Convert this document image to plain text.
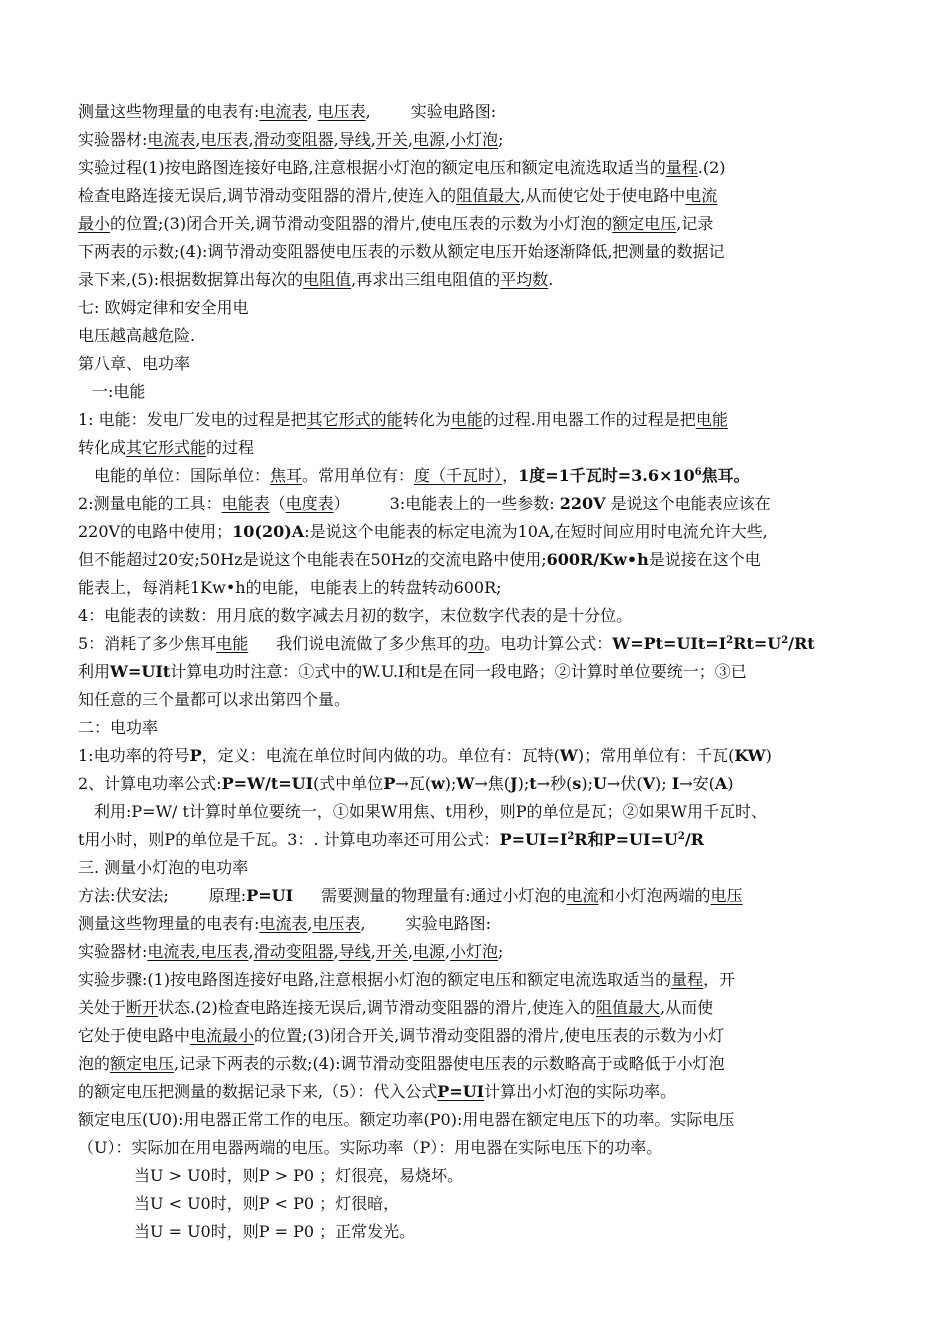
测量这些物理量的电表有:电流表, 电压表,	实验电路图:
实验器材:电流表,电压表,滑动变阻器,导线,开关,电源,小灯泡;
实验过程(1)按电路图连接好电路,注意根据小灯泡的额定电压和额定电流选取适当的量程.(2)
检查电路连接无误后,调节滑动变阻器的滑片,使连入的阻值最大,从而使它处于使电路中电流
最小的位置;(3)闭合开关,调节滑动变阻器的滑片,使电压表的示数为小灯泡的额定电压,记录
下两表的示数;(4):调节滑动变阻器使电压表的示数从额定电压开始逐渐降低,把测量的数据记
录下来,(5):根据数据算出每次的电阻值,再求出三组电阻值的平均数.
七: 欧姆定律和安全用电
电压越高越危险.
第八章、电功率
一:电能
1: 电能：发电厂发电的过程是把其它形式的能转化为电能的过程.用电器工作的过程是把电能
转化成其它形式能的过程
电能的单位：国际单位：焦耳。常用单位有：度（千瓦时），1度=1千瓦时$=3.6\times 10^6$焦耳。
2:测量电能的工具：电能表（电度表）	3:电能表上的一些参数: 220V 是说这个电能表应该在
220V的电路中使用；10(20)A:是说这个电能表的标定电流为10A,在短时间应用时电流允许大些,
但不能超过20安;50Hz是说这个电能表在50Hz的交流电路中使用;600R/Kw•h是说接在这个电
能表上，每消耗1Kw•h的电能，电能表上的转盘转动600R;
4：电能表的读数：用月底的数字减去月初的数字，末位数字代表的是十分位。
5：消耗了多少焦耳电能 我们说电流做了多少焦耳的功。电功计算公式：$W=Pt=UIt=I^2Rt=U^2/Rt$
利用W=UIt计算电功时注意：①式中的W.U.I和t是在同一段电路；②计算时单位要统一；③已
知任意的三个量都可以求出第四个量。
二：电功率
1:电功率的符号P，定义：电流在单位时间内做的功。单位有：瓦特(W)；常用单位有：千瓦(KW)
2、计算电功率公式:P=W/t=UI(式中单位P→瓦(w);W→焦(J);t→秒(s);U→伏(V); I→安(A)
利用:P=W/ t计算时单位要统一，①如果W用焦、t用秒，则P的单位是瓦；②如果W用千瓦时、
t用小时，则P的单位是千瓦。3：. 计算电功率还可用公式：$P=UI=I^2R$和$P=UI=U^2/R$
三. 测量小灯泡的电功率
方法:伏安法;	原理:P=UI 需要测量的物理量有:通过小灯泡的电流和小灯泡两端的电压
测量这些物理量的电表有:电流表,电压表,	实验电路图:
实验器材:电流表,电压表,滑动变阻器,导线,开关,电源,小灯泡;
实验步骤:(1)按电路图连接好电路,注意根据小灯泡的额定电压和额定电流选取适当的量程，开
关处于断开状态.(2)检查电路连接无误后,调节滑动变阻器的滑片,使连入的阻值最大,从而使
它处于使电路中电流最小的位置;(3)闭合开关,调节滑动变阻器的滑片,使电压表的示数为小灯
泡的额定电压,记录下两表的示数;(4):调节滑动变阻器使电压表的示数略高于或略低于小灯泡
的额定电压把测量的数据记录下来,（5）：代入公式P=UI计算出小灯泡的实际功率。
额定电压(U0):用电器正常工作的电压。额定功率(P0):用电器在额定电压下的功率。实际电压
（U）：实际加在用电器两端的电压。实际功率（P）：用电器在实际电压下的功率。
当U > U0时，则P > P0 ；灯很亮，易烧坏。
当U < U0时，则P < P0 ；灯很暗，
当U = U0时，则P = P0 ；正常发光。
